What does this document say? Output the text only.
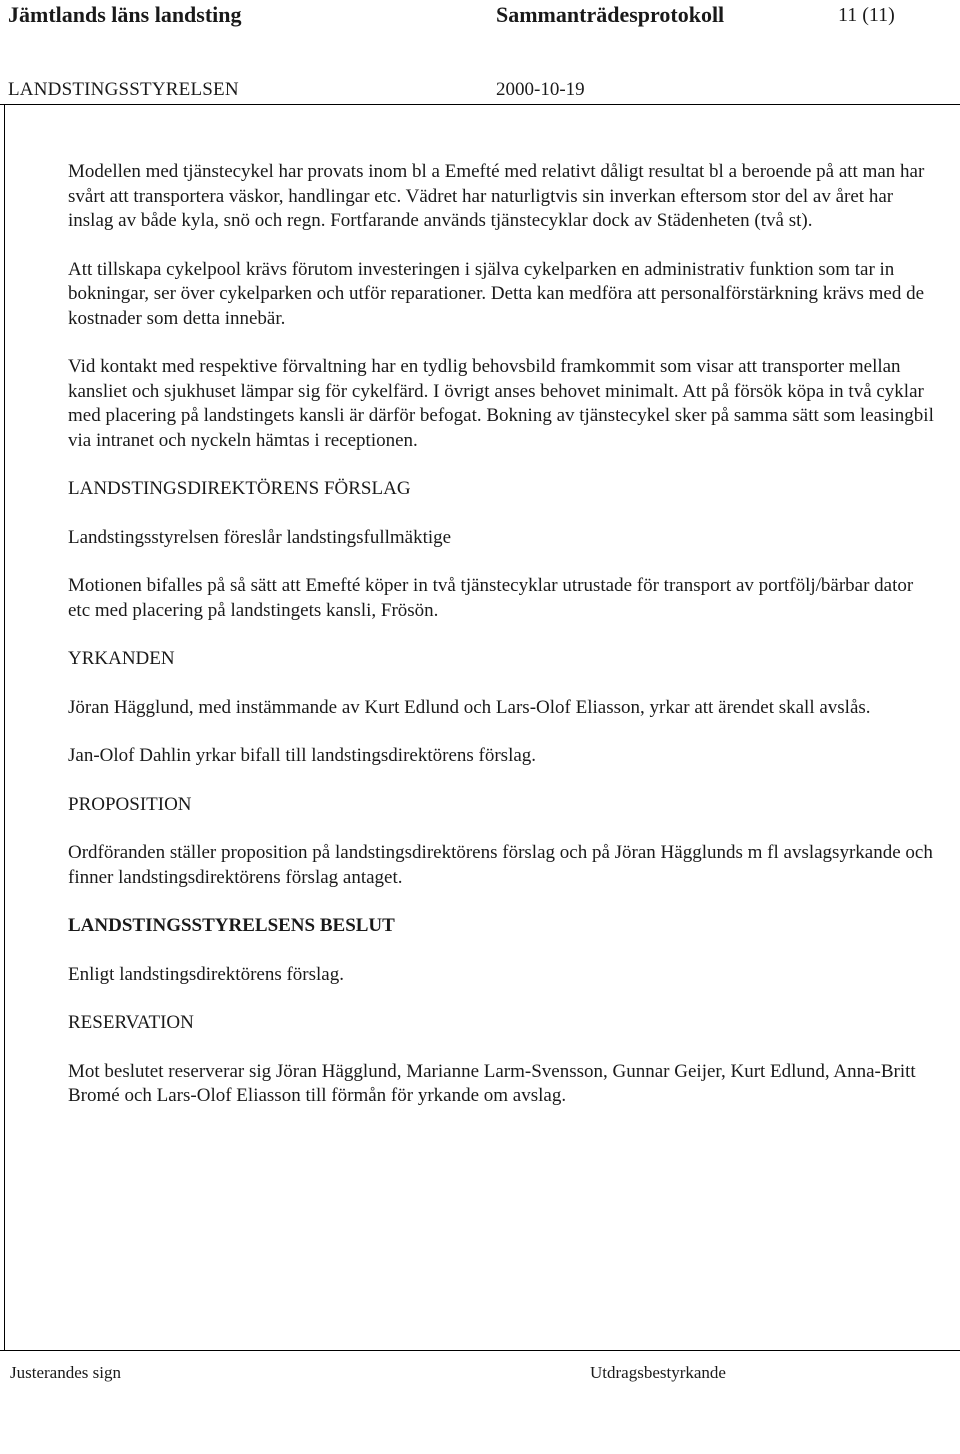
Jämtlands läns landsting	Sammanträdesprotokoll	11 (11)
LANDSTINGSSTYRELSEN	2000-10-19

Modellen med tjänstecykel har provats inom bl a Emefté med relativt dåligt resultat bl a beroende på att man har svårt att transportera väskor, handlingar etc. Vädret har naturligtvis sin inverkan eftersom stor del av året har inslag av både kyla, snö och regn. Fortfarande används tjänstecyklar dock av Städenheten (två st).

Att tillskapa cykelpool krävs förutom investeringen i själva cykelparken en administrativ funktion som tar in bokningar, ser över cykelparken och utför reparationer. Detta kan medföra att personalförstärkning krävs med de kostnader som detta innebär.

Vid kontakt med respektive förvaltning har en tydlig behovsbild framkommit som visar att transporter mellan kansliet och sjukhuset lämpar sig för cykelfärd. I övrigt anses behovet minimalt. Att på försök köpa in två cyklar med placering på landstingets kansli är därför befogat. Bokning av tjänstecykel sker på samma sätt som leasingbil via intranet och nyckeln hämtas i receptionen.

LANDSTINGSDIREKTÖRENS FÖRSLAG

Landstingsstyrelsen föreslår landstingsfullmäktige

Motionen bifalles på så sätt att Emefté köper in två tjänstecyklar utrustade för transport av portfölj/bärbar dator etc med placering på landstingets kansli, Frösön.

YRKANDEN

Jöran Hägglund, med instämmande av Kurt Edlund och Lars-Olof Eliasson, yrkar att ärendet skall avslås.

Jan-Olof Dahlin yrkar bifall till landstingsdirektörens förslag.

PROPOSITION

Ordföranden ställer proposition på landstingsdirektörens förslag och på Jöran Hägglunds m fl avslagsyrkande och finner landstingsdirektörens förslag antaget.

LANDSTINGSSTYRELSENS BESLUT

Enligt landstingsdirektörens förslag.

RESERVATION

Mot beslutet reserverar sig Jöran Hägglund, Marianne Larm-Svensson, Gunnar Geijer, Kurt Edlund, Anna-Britt Bromé och Lars-Olof Eliasson till förmån för yrkande om avslag.

Justerandes sign	Utdragsbestyrkande
